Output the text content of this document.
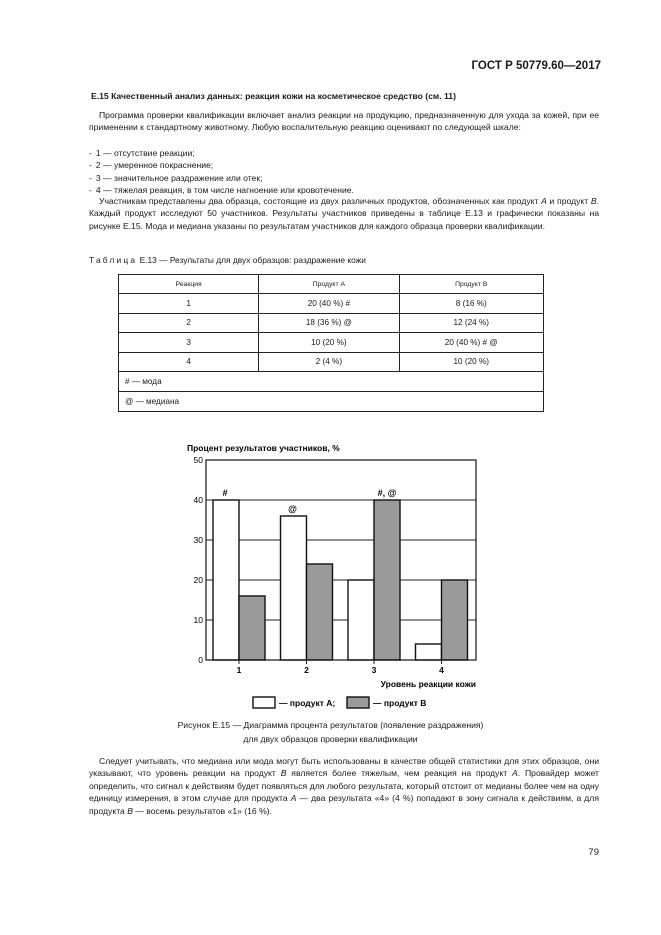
ГОСТ Р 50779.60—2017
Е.15 Качественный анализ данных: реакция кожи на косметическое средство (см. 11)
Программа проверки квалификации включает анализ реакции на продукцию, предназначенную для ухода за кожей, при ее применении к стандартному животному. Любую воспалительную реакцию оценивают по следующей шкале:
- 1 — отсутствие реакции;
- 2 — умеренное покраснение;
- 3 — значительное раздражение или отек;
- 4 — тяжелая реакция, в том числе нагноение или кровотечение.
Участникам представлены два образца, состоящие из двух различных продуктов, обозначенных как продукт A и продукт B. Каждый продукт исследуют 50 участников. Результаты участников приведены в таблице Е.13 и графически показаны на рисунке Е.15. Мода и медиана указаны по результатам участников для каждого образца проверки квалификации.
Таблица Е.13 — Результаты для двух образцов: раздражение кожи
Реакция	Продукт A	Продукт B
1	20 (40 %) #	8 (16 %)
2	18 (36 %) @	12 (24 %)
3	10 (20 %)	20 (40 %) # @
4	2 (4 %)	10 (20 %)
# — мода		
@ — медиана		
Процент результатов участников, %
0
10
20
30
40
50
1	2	3	4
#
@
#, @
Уровень реакции кожи
— продукт A;	— продукт B
Рисунок Е.15 — Диаграмма процента результатов (появление раздражения)
для двух образцов проверки квалификации
Следует учитывать, что медиана или мода могут быть использованы в качестве общей статистики для этих образцов, они указывают, что уровень реакции на продукт B является более тяжелым, чем реакция на продукт A. Провайдер может определить, что сигнал к действиям будет появляться для любого результата, который отстоит от медианы более чем на одну единицу измерения, в этом случае для продукта A — два результата «4» (4 %) попадают в зону сигнала к действиям, а для продукта B — восемь результатов «1» (16 %).
79
